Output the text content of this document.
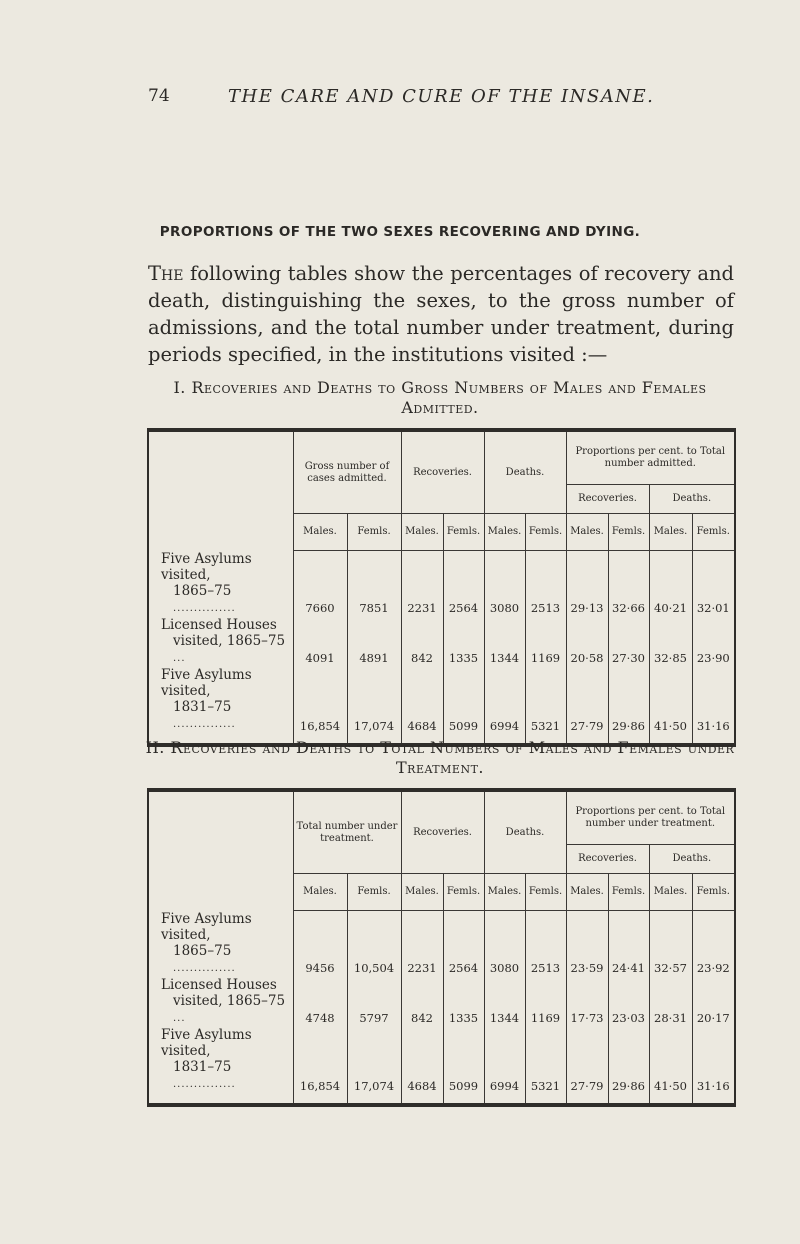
74	THE CARE AND CURE OF THE INSANE.
PROPORTIONS OF THE TWO SEXES RECOVERING AND DYING.

The following tables show the percentages of recovery and death, distinguishing the sexes, to the gross number of admissions, and the total number under treatment, during periods specified, in the institutions visited :—

I. Recoveries and Deaths to Gross Numbers of Males and Females Admitted.

	Gross number of cases admitted.		Recoveries.		Deaths.		Proportions per cent. to Total number admitted.			
							Recoveries.		Deaths.	
	Males.	Femls.	Males.	Femls.	Males.	Femls.	Males.	Femls.	Males.	Femls.
Five Asylums visited,
1865–75 ...............	7660	7851	2231	2564	3080	2513	29·13	32·66	40·21	32·01
Licensed Houses
visited, 1865–75 ...	4091	4891	842	1335	1344	1169	20·58	27·30	32·85	23·90
Five Asylums visited,
1831–75 ...............	16,854	17,074	4684	5099	6994	5321	27·79	29·86	41·50	31·16

II. Recoveries and Deaths to Total Numbers of Males and Females under Treatment.

	Total number under treatment.		Recoveries.		Deaths.		Proportions per cent. to Total number under treatment.			
							Recoveries.		Deaths.	
	Males.	Femls.	Males.	Femls.	Males.	Femls.	Males.	Femls.	Males.	Femls.
Five Asylums visited,
1865–75 ...............	9456	10,504	2231	2564	3080	2513	23·59	24·41	32·57	23·92
Licensed Houses
visited, 1865–75 ...	4748	5797	842	1335	1344	1169	17·73	23·03	28·31	20·17
Five Asylums visited,
1831–75 ...............	16,854	17,074	4684	5099	6994	5321	27·79	29·86	41·50	31·16
